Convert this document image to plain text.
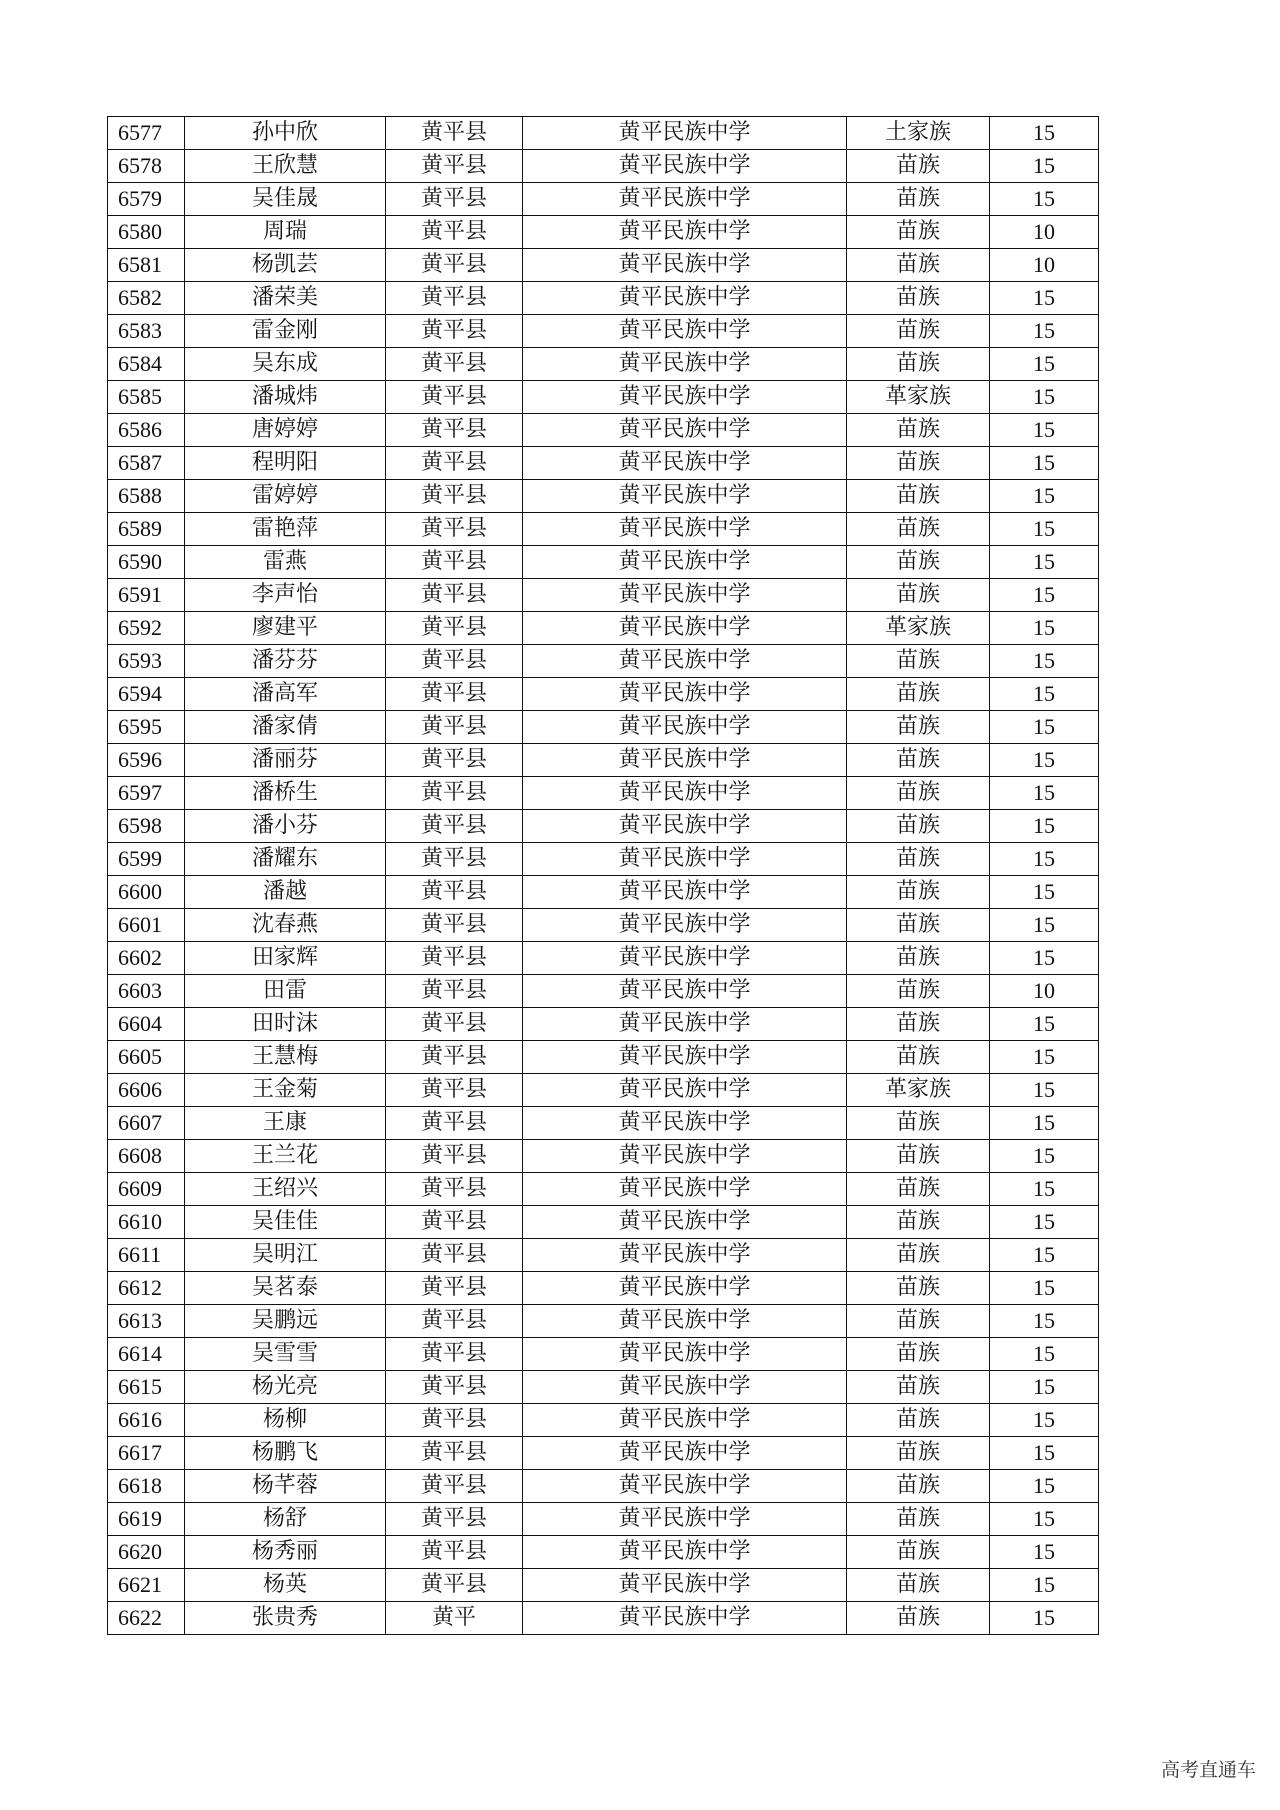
6577	孙中欣	黄平县	黄平民族中学	土家族	15
6578	王欣慧	黄平县	黄平民族中学	苗族	15
6579	吴佳晟	黄平县	黄平民族中学	苗族	15
6580	周瑞	黄平县	黄平民族中学	苗族	10
6581	杨凯芸	黄平县	黄平民族中学	苗族	10
6582	潘荣美	黄平县	黄平民族中学	苗族	15
6583	雷金刚	黄平县	黄平民族中学	苗族	15
6584	吴东成	黄平县	黄平民族中学	苗族	15
6585	潘城炜	黄平县	黄平民族中学	革家族	15
6586	唐婷婷	黄平县	黄平民族中学	苗族	15
6587	程明阳	黄平县	黄平民族中学	苗族	15
6588	雷婷婷	黄平县	黄平民族中学	苗族	15
6589	雷艳萍	黄平县	黄平民族中学	苗族	15
6590	雷燕	黄平县	黄平民族中学	苗族	15
6591	李声怡	黄平县	黄平民族中学	苗族	15
6592	廖建平	黄平县	黄平民族中学	革家族	15
6593	潘芬芬	黄平县	黄平民族中学	苗族	15
6594	潘高军	黄平县	黄平民族中学	苗族	15
6595	潘家倩	黄平县	黄平民族中学	苗族	15
6596	潘丽芬	黄平县	黄平民族中学	苗族	15
6597	潘桥生	黄平县	黄平民族中学	苗族	15
6598	潘小芬	黄平县	黄平民族中学	苗族	15
6599	潘耀东	黄平县	黄平民族中学	苗族	15
6600	潘越	黄平县	黄平民族中学	苗族	15
6601	沈春燕	黄平县	黄平民族中学	苗族	15
6602	田家辉	黄平县	黄平民族中学	苗族	15
6603	田雷	黄平县	黄平民族中学	苗族	10
6604	田时沫	黄平县	黄平民族中学	苗族	15
6605	王慧梅	黄平县	黄平民族中学	苗族	15
6606	王金菊	黄平县	黄平民族中学	革家族	15
6607	王康	黄平县	黄平民族中学	苗族	15
6608	王兰花	黄平县	黄平民族中学	苗族	15
6609	王绍兴	黄平县	黄平民族中学	苗族	15
6610	吴佳佳	黄平县	黄平民族中学	苗族	15
6611	吴明江	黄平县	黄平民族中学	苗族	15
6612	吴茗泰	黄平县	黄平民族中学	苗族	15
6613	吴鹏远	黄平县	黄平民族中学	苗族	15
6614	吴雪雪	黄平县	黄平民族中学	苗族	15
6615	杨光亮	黄平县	黄平民族中学	苗族	15
6616	杨柳	黄平县	黄平民族中学	苗族	15
6617	杨鹏飞	黄平县	黄平民族中学	苗族	15
6618	杨芊蓉	黄平县	黄平民族中学	苗族	15
6619	杨舒	黄平县	黄平民族中学	苗族	15
6620	杨秀丽	黄平县	黄平民族中学	苗族	15
6621	杨英	黄平县	黄平民族中学	苗族	15
6622	张贵秀	黄平	黄平民族中学	苗族	15
高考直通车
